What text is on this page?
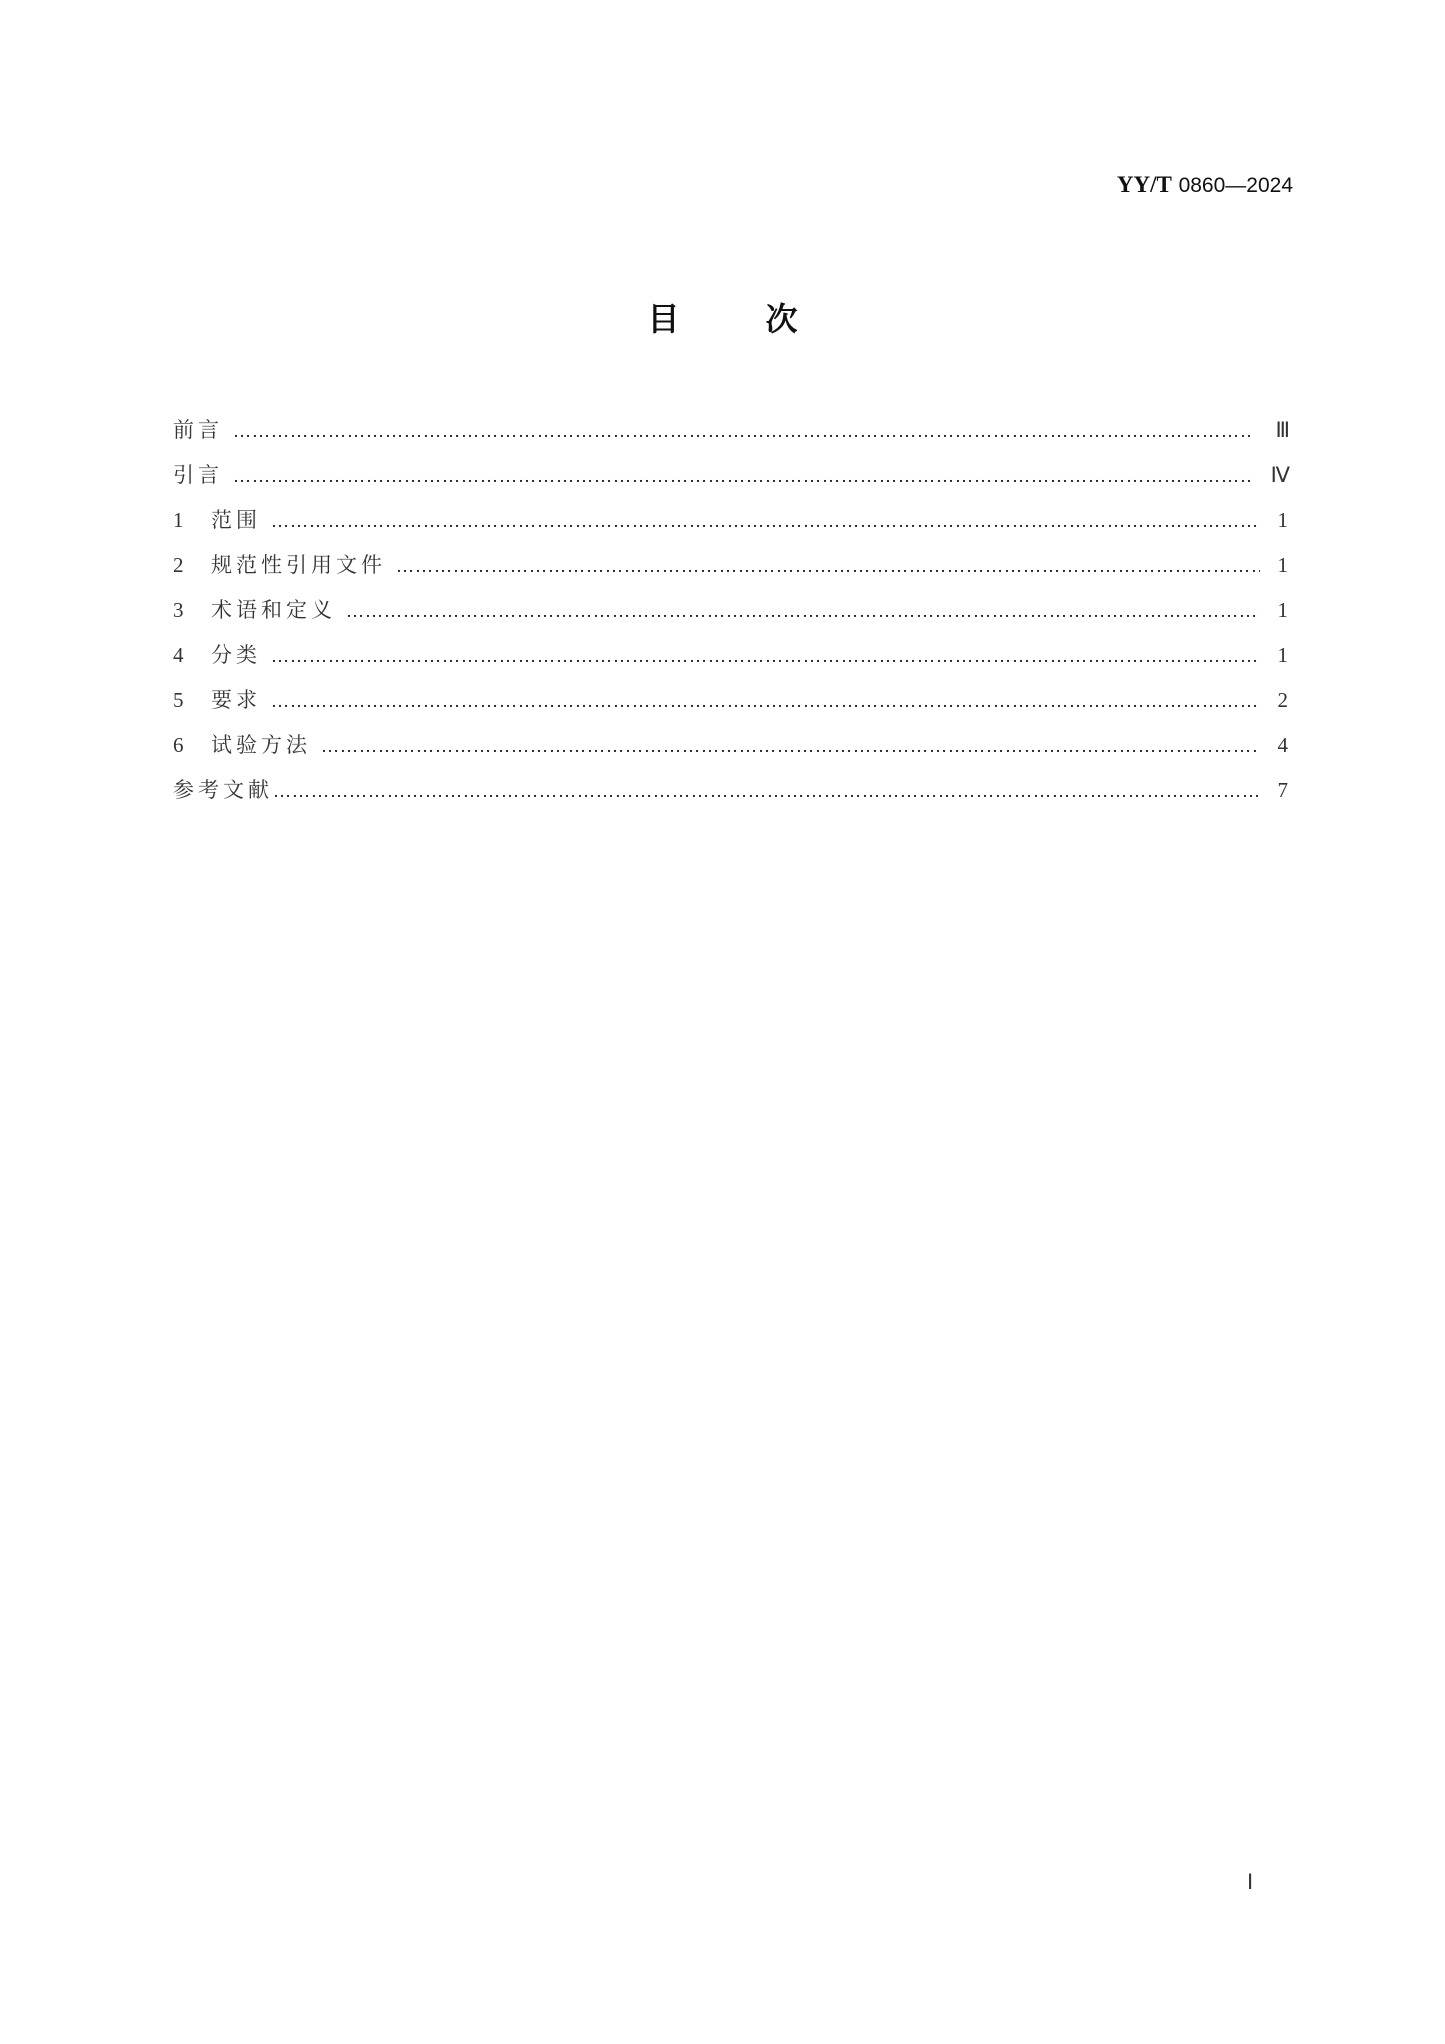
YY/T 0860—2024
目	次
前言 …………………………………………………………………………………………………………………………………………………………………………………………………………………………………………	Ⅲ
引言 …………………………………………………………………………………………………………………………………………………………………………………………………………………………………………	Ⅳ
1	范围 …………………………………………………………………………………………………………………………………………………………………………………………………………………………………………	1
2	规范性引用文件 …………………………………………………………………………………………………………………………………………………………………………………………………………………………………………	1
3	术语和定义 …………………………………………………………………………………………………………………………………………………………………………………………………………………………………………	1
4	分类 …………………………………………………………………………………………………………………………………………………………………………………………………………………………………………	1
5	要求 …………………………………………………………………………………………………………………………………………………………………………………………………………………………………………	2
6	试验方法 …………………………………………………………………………………………………………………………………………………………………………………………………………………………………………	4
参考文献 …………………………………………………………………………………………………………………………………………………………………………………………………………………………………………	7
Ⅰ
